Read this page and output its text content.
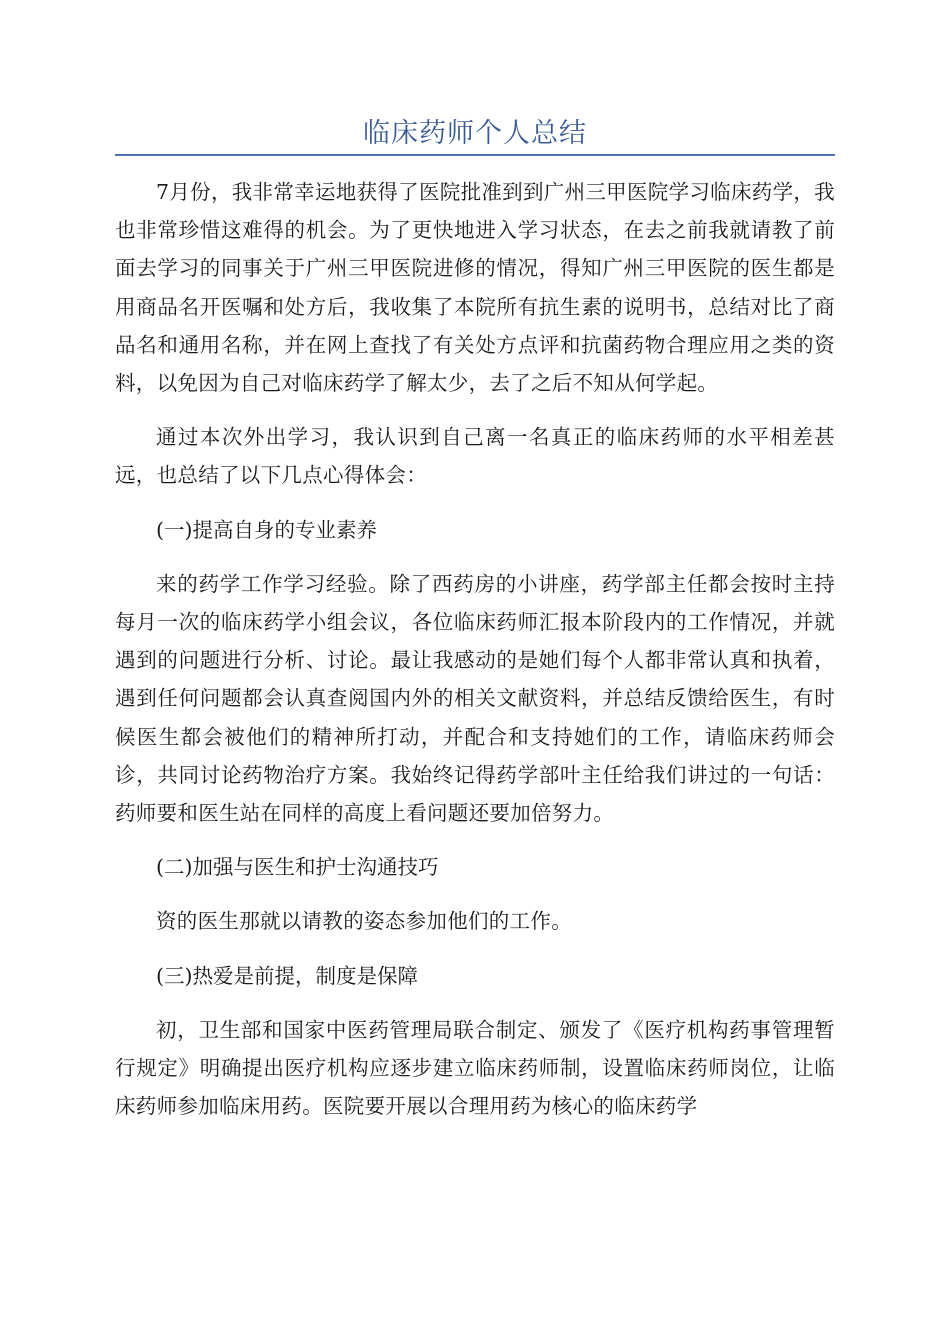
临床药师个人总结

7月份，我非常幸运地获得了医院批准到到广州三甲医院学习临床药学，我也非常珍惜这难得的机会。为了更快地进入学习状态，在去之前我就请教了前面去学习的同事关于广州三甲医院进修的情况，得知广州三甲医院的医生都是用商品名开医嘱和处方后，我收集了本院所有抗生素的说明书，总结对比了商品名和通用名称，并在网上查找了有关处方点评和抗菌药物合理应用之类的资料，以免因为自己对临床药学了解太少，去了之后不知从何学起。

通过本次外出学习，我认识到自己离一名真正的临床药师的水平相差甚远，也总结了以下几点心得体会：

(一)提高自身的专业素养

来的药学工作学习经验。除了西药房的小讲座，药学部主任都会按时主持每月一次的临床药学小组会议，各位临床药师汇报本阶段内的工作情况，并就遇到的问题进行分析、讨论。最让我感动的是她们每个人都非常认真和执着，遇到任何问题都会认真查阅国内外的相关文献资料，并总结反馈给医生，有时候医生都会被他们的精神所打动，并配合和支持她们的工作，请临床药师会诊，共同讨论药物治疗方案。我始终记得药学部叶主任给我们讲过的一句话：药师要和医生站在同样的高度上看问题还要加倍努力。

(二)加强与医生和护士沟通技巧

资的医生那就以请教的姿态参加他们的工作。

(三)热爱是前提，制度是保障

初，卫生部和国家中医药管理局联合制定、颁发了《医疗机构药事管理暂行规定》明确提出医疗机构应逐步建立临床药师制，设置临床药师岗位，让临床药师参加临床用药。医院要开展以合理用药为核心的临床药学
